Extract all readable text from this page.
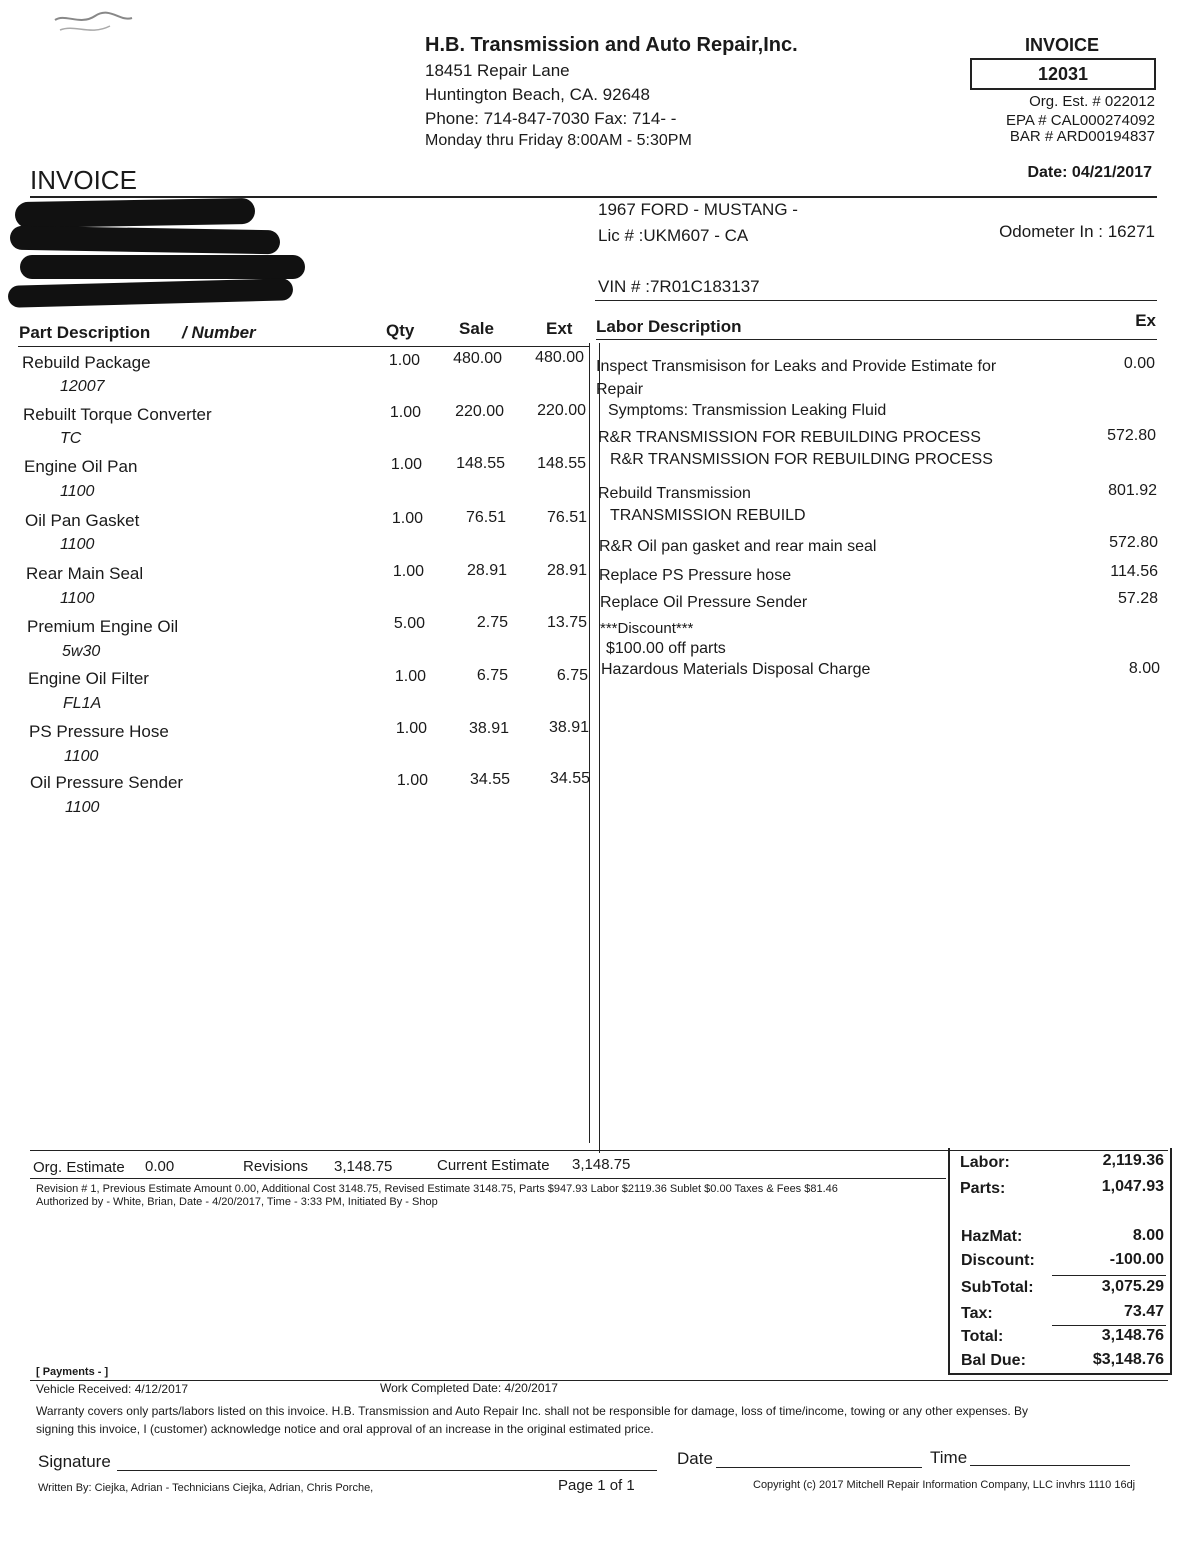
H.B. Transmission and Auto Repair,Inc.
18451 Repair Lane
Huntington Beach, CA. 92648
Phone: 714-847-7030 Fax: 714- -
Monday thru Friday 8:00AM - 5:30PM
INVOICE
12031
Org. Est. # 022012
EPA # CAL000274092
BAR # ARD00194837
Date: 04/21/2017
INVOICE
1967 FORD - MUSTANG -
Lic # :UKM607 - CA	Odometer In : 16271
VIN # :7R01C183137
Part Description / Number	Qty	Sale	Ext Labor Description	Ex
Rebuild Package
12007
1.00	480.00	480.00
Rebuilt Torque Converter
TC
1.00	220.00	220.00
Engine Oil Pan
1100
1.00	148.55	148.55
Oil Pan Gasket
1100
1.00	76.51	76.51
Rear Main Seal
1100
1.00	28.91	28.91
Premium Engine Oil
5w30
5.00	2.75	13.75
Engine Oil Filter
FL1A
1.00	6.75	6.75
PS Pressure Hose
1100
1.00	38.91	38.91
Oil Pressure Sender
1100
1.00	34.55	34.55
Inspect Transmisison for Leaks and Provide Estimate for	0.00
Repair
Symptoms: Transmission Leaking Fluid
R&R TRANSMISSION FOR REBUILDING PROCESS	572.80
R&R TRANSMISSION FOR REBUILDING PROCESS
Rebuild Transmission	801.92
TRANSMISSION REBUILD
R&R Oil pan gasket and rear main seal	572.80
Replace PS Pressure hose	114.56
Replace Oil Pressure Sender	57.28
***Discount***
$100.00 off parts
Hazardous Materials Disposal Charge	8.00
Org. Estimate 0.00	Revisions 3,148.75	Current Estimate 3,148.75
Revision # 1, Previous Estimate Amount 0.00, Additional Cost 3148.75, Revised Estimate 3148.75, Parts $947.93 Labor $2119.36 Sublet $0.00 Taxes & Fees $81.46
Authorized by - White, Brian, Date - 4/20/2017, Time - 3:33 PM, Initiated By - Shop
Labor:	2,119.36
Parts:	1,047.93
HazMat:	8.00
Discount:	-100.00
SubTotal:	3,075.29
Tax:	73.47
Total:	3,148.76
Bal Due:	$3,148.76
[ Payments - ]
Vehicle Received: 4/12/2017	Work Completed Date: 4/20/2017
Warranty covers only parts/labors listed on this invoice. H.B. Transmission and Auto Repair Inc. shall not be responsible for damage, loss of time/income, towing or any other expenses. By
signing this invoice, I (customer) acknowledge notice and oral approval of an increase in the original estimated price.
Signature	Date	Time
Written By: Ciejka, Adrian - Technicians Ciejka, Adrian, Chris Porche,	Page 1 of 1	Copyright (c) 2017 Mitchell Repair Information Company, LLC invhrs 1110 16dj
